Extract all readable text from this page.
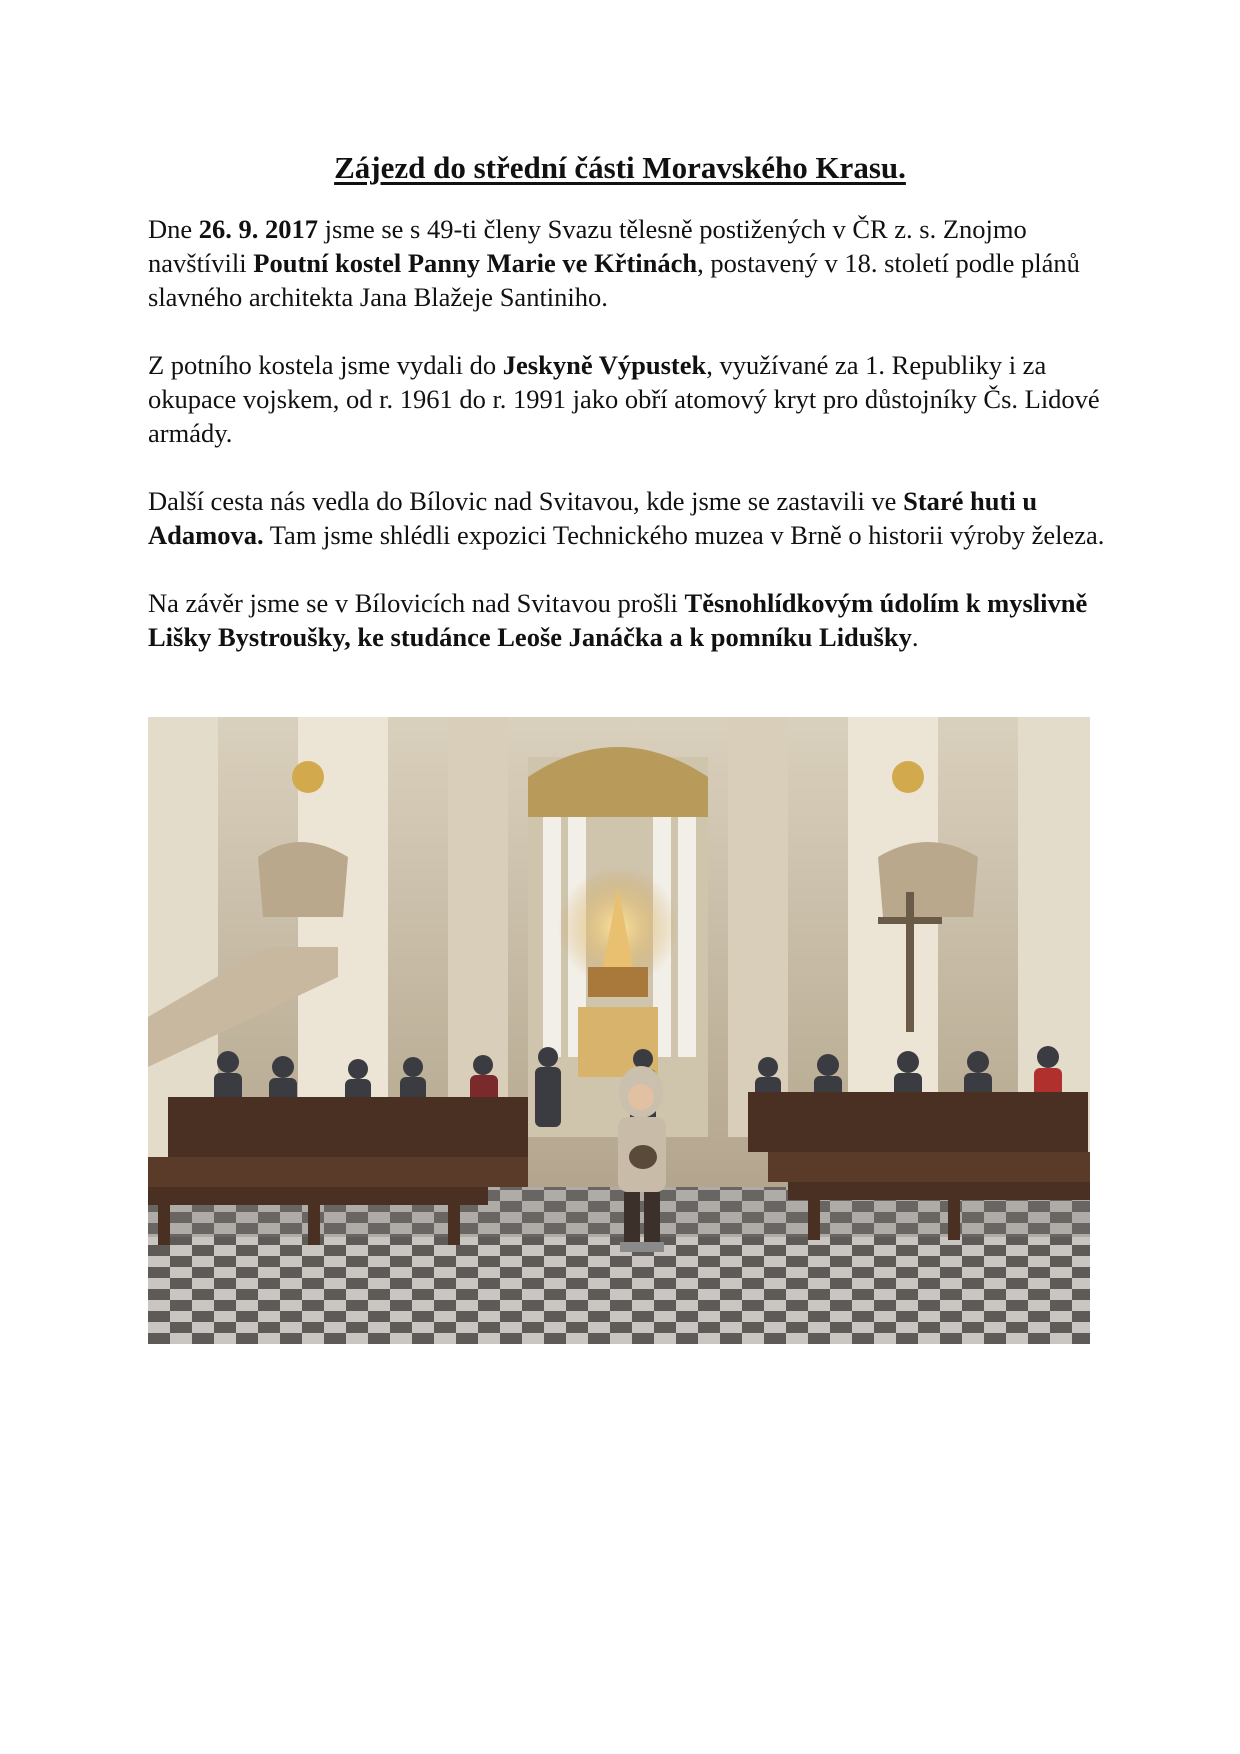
Zájezd do střední části Moravského Krasu.

Dne 26. 9. 2017 jsme se s 49-ti členy Svazu tělesně postižených v ČR z. s. Znojmo navštívili Poutní kostel Panny Marie ve Křtinách, postavený v 18. století podle plánů slavného architekta Jana Blažeje Santiniho.

Z potního kostela jsme vydali do Jeskyně Výpustek, využívané za 1. Republiky i za okupace vojskem, od r. 1961 do r. 1991 jako obří atomový kryt pro důstojníky Čs. Lidové armády.

Další cesta nás vedla do Bílovic nad Svitavou, kde jsme se zastavili ve Staré huti u Adamova. Tam jsme shlédli expozici Technického muzea v Brně o historii výroby železa.

Na závěr jsme se v Bílovicích nad Svitavou prošli Těsnohlídkovým údolím k myslivně Lišky Bystroušky, ke studánce Leoše Janáčka a k pomníku Lidušky.
